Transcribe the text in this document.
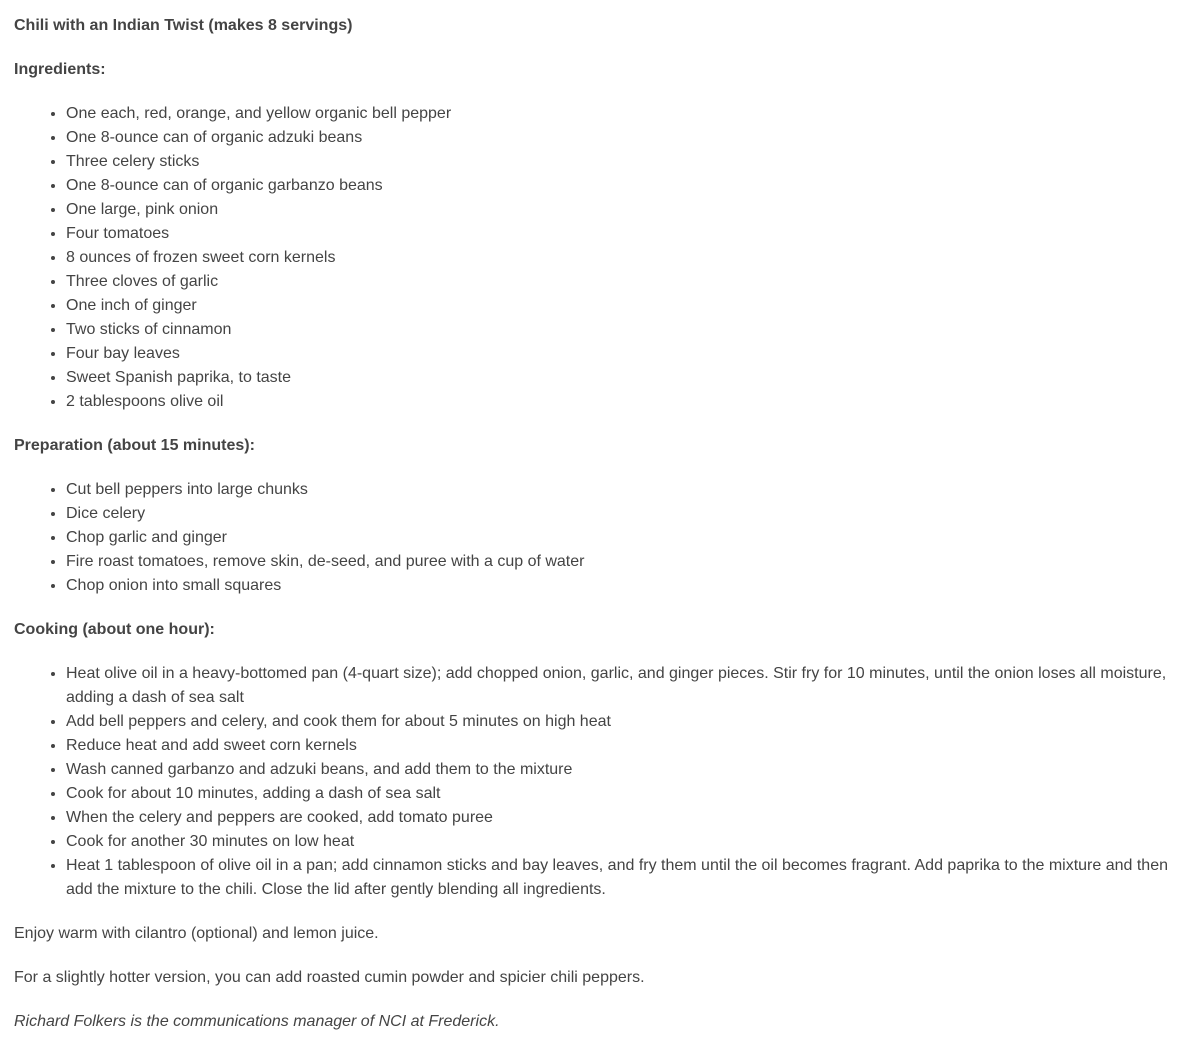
Chili with an Indian Twist (makes 8 servings)

Ingredients:

• One each, red, orange, and yellow organic bell pepper
• One 8-ounce can of organic adzuki beans
• Three celery sticks
• One 8-ounce can of organic garbanzo beans
• One large, pink onion
• Four tomatoes
• 8 ounces of frozen sweet corn kernels
• Three cloves of garlic
• One inch of ginger
• Two sticks of cinnamon
• Four bay leaves
• Sweet Spanish paprika, to taste
• 2 tablespoons olive oil

Preparation (about 15 minutes):

• Cut bell peppers into large chunks
• Dice celery
• Chop garlic and ginger
• Fire roast tomatoes, remove skin, de-seed, and puree with a cup of water
• Chop onion into small squares

Cooking (about one hour):

• Heat olive oil in a heavy-bottomed pan (4-quart size); add chopped onion, garlic, and ginger pieces. Stir fry for 10 minutes, until the onion loses all moisture, adding a dash of sea salt
• Add bell peppers and celery, and cook them for about 5 minutes on high heat
• Reduce heat and add sweet corn kernels
• Wash canned garbanzo and adzuki beans, and add them to the mixture
• Cook for about 10 minutes, adding a dash of sea salt
• When the celery and peppers are cooked, add tomato puree
• Cook for another 30 minutes on low heat
• Heat 1 tablespoon of olive oil in a pan; add cinnamon sticks and bay leaves, and fry them until the oil becomes fragrant. Add paprika to the mixture and then add the mixture to the chili. Close the lid after gently blending all ingredients.

Enjoy warm with cilantro (optional) and lemon juice.

For a slightly hotter version, you can add roasted cumin powder and spicier chili peppers.

Richard Folkers is the communications manager of NCI at Frederick.
